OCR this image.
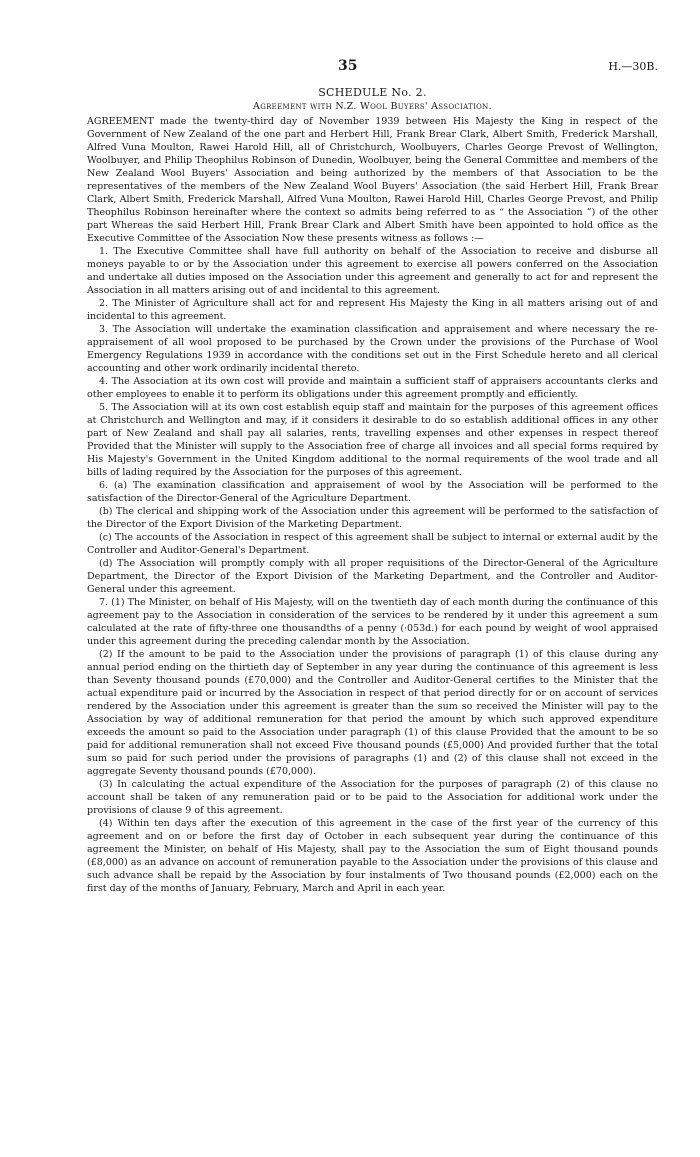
35	H.—30B.
SCHEDULE No. 2.
Agreement with N.Z. Wool Buyers' Association.

AGREEMENT made the twenty-third day of November 1939 between His Majesty the King in respect of the Government of New Zealand of the one part and Herbert Hill, Frank Brear Clark, Albert Smith, Frederick Marshall, Alfred Vuna Moulton, Rawei Harold Hill, all of Christchurch, Woolbuyers, Charles George Prevost of Wellington, Woolbuyer, and Philip Theophilus Robinson of Dunedin, Woolbuyer, being the General Committee and members of the New Zealand Wool Buyers' Association and being authorized by the members of that Association to be the representatives of the members of the New Zealand Wool Buyers' Association (the said Herbert Hill, Frank Brear Clark, Albert Smith, Frederick Marshall, Alfred Vuna Moulton, Rawei Harold Hill, Charles George Prevost, and Philip Theophilus Robinson hereinafter where the context so admits being referred to as “ the Association ”) of the other part Whereas the said Herbert Hill, Frank Brear Clark and Albert Smith have been appointed to hold office as the Executive Committee of the Association Now these presents witness as follows :—

1. The Executive Committee shall have full authority on behalf of the Association to receive and disburse all moneys payable to or by the Association under this agreement to exercise all powers conferred on the Association and undertake all duties imposed on the Association under this agreement and generally to act for and represent the Association in all matters arising out of and incidental to this agreement.

2. The Minister of Agriculture shall act for and represent His Majesty the King in all matters arising out of and incidental to this agreement.

3. The Association will undertake the examination classification and appraisement and where necessary the re-appraisement of all wool proposed to be purchased by the Crown under the provisions of the Purchase of Wool Emergency Regulations 1939 in accordance with the conditions set out in the First Schedule hereto and all clerical accounting and other work ordinarily incidental thereto.

4. The Association at its own cost will provide and maintain a sufficient staff of appraisers accountants clerks and other employees to enable it to perform its obligations under this agreement promptly and efficiently.

5. The Association will at its own cost establish equip staff and maintain for the purposes of this agreement offices at Christchurch and Wellington and may, if it considers it desirable to do so establish additional offices in any other part of New Zealand and shall pay all salaries, rents, travelling expenses and other expenses in respect thereof Provided that the Minister will supply to the Association free of charge all invoices and all special forms required by His Majesty's Government in the United Kingdom additional to the normal requirements of the wool trade and all bills of lading required by the Association for the purposes of this agreement.

6. (a) The examination classification and appraisement of wool by the Association will be performed to the satisfaction of the Director-General of the Agriculture Department.

(b) The clerical and shipping work of the Association under this agreement will be performed to the satisfaction of the Director of the Export Division of the Marketing Department.

(c) The accounts of the Association in respect of this agreement shall be subject to internal or external audit by the Controller and Auditor-General's Department.

(d) The Association will promptly comply with all proper requisitions of the Director-General of the Agriculture Department, the Director of the Export Division of the Marketing Department, and the Controller and Auditor-General under this agreement.

7. (1) The Minister, on behalf of His Majesty, will on the twentieth day of each month during the continuance of this agreement pay to the Association in consideration of the services to be rendered by it under this agreement a sum calculated at the rate of fifty-three one thousandths of a penny (·053d.) for each pound by weight of wool appraised under this agreement during the preceding calendar month by the Association.

(2) If the amount to be paid to the Association under the provisions of paragraph (1) of this clause during any annual period ending on the thirtieth day of September in any year during the continuance of this agreement is less than Seventy thousand pounds (£70,000) and the Controller and Auditor-General certifies to the Minister that the actual expenditure paid or incurred by the Association in respect of that period directly for or on account of services rendered by the Association under this agreement is greater than the sum so received the Minister will pay to the Association by way of additional remuneration for that period the amount by which such approved expenditure exceeds the amount so paid to the Association under paragraph (1) of this clause Provided that the amount to be so paid for additional remuneration shall not exceed Five thousand pounds (£5,000) And provided further that the total sum so paid for such period under the provisions of paragraphs (1) and (2) of this clause shall not exceed in the aggregate Seventy thousand pounds (£70,000).

(3) In calculating the actual expenditure of the Association for the purposes of paragraph (2) of this clause no account shall be taken of any remuneration paid or to be paid to the Association for additional work under the provisions of clause 9 of this agreement.

(4) Within ten days after the execution of this agreement in the case of the first year of the currency of this agreement and on or before the first day of October in each subsequent year during the continuance of this agreement the Minister, on behalf of His Majesty, shall pay to the Association the sum of Eight thousand pounds (£8,000) as an advance on account of remuneration payable to the Association under the provisions of this clause and such advance shall be repaid by the Association by four instalments of Two thousand pounds (£2,000) each on the first day of the months of January, February, March and April in each year.
